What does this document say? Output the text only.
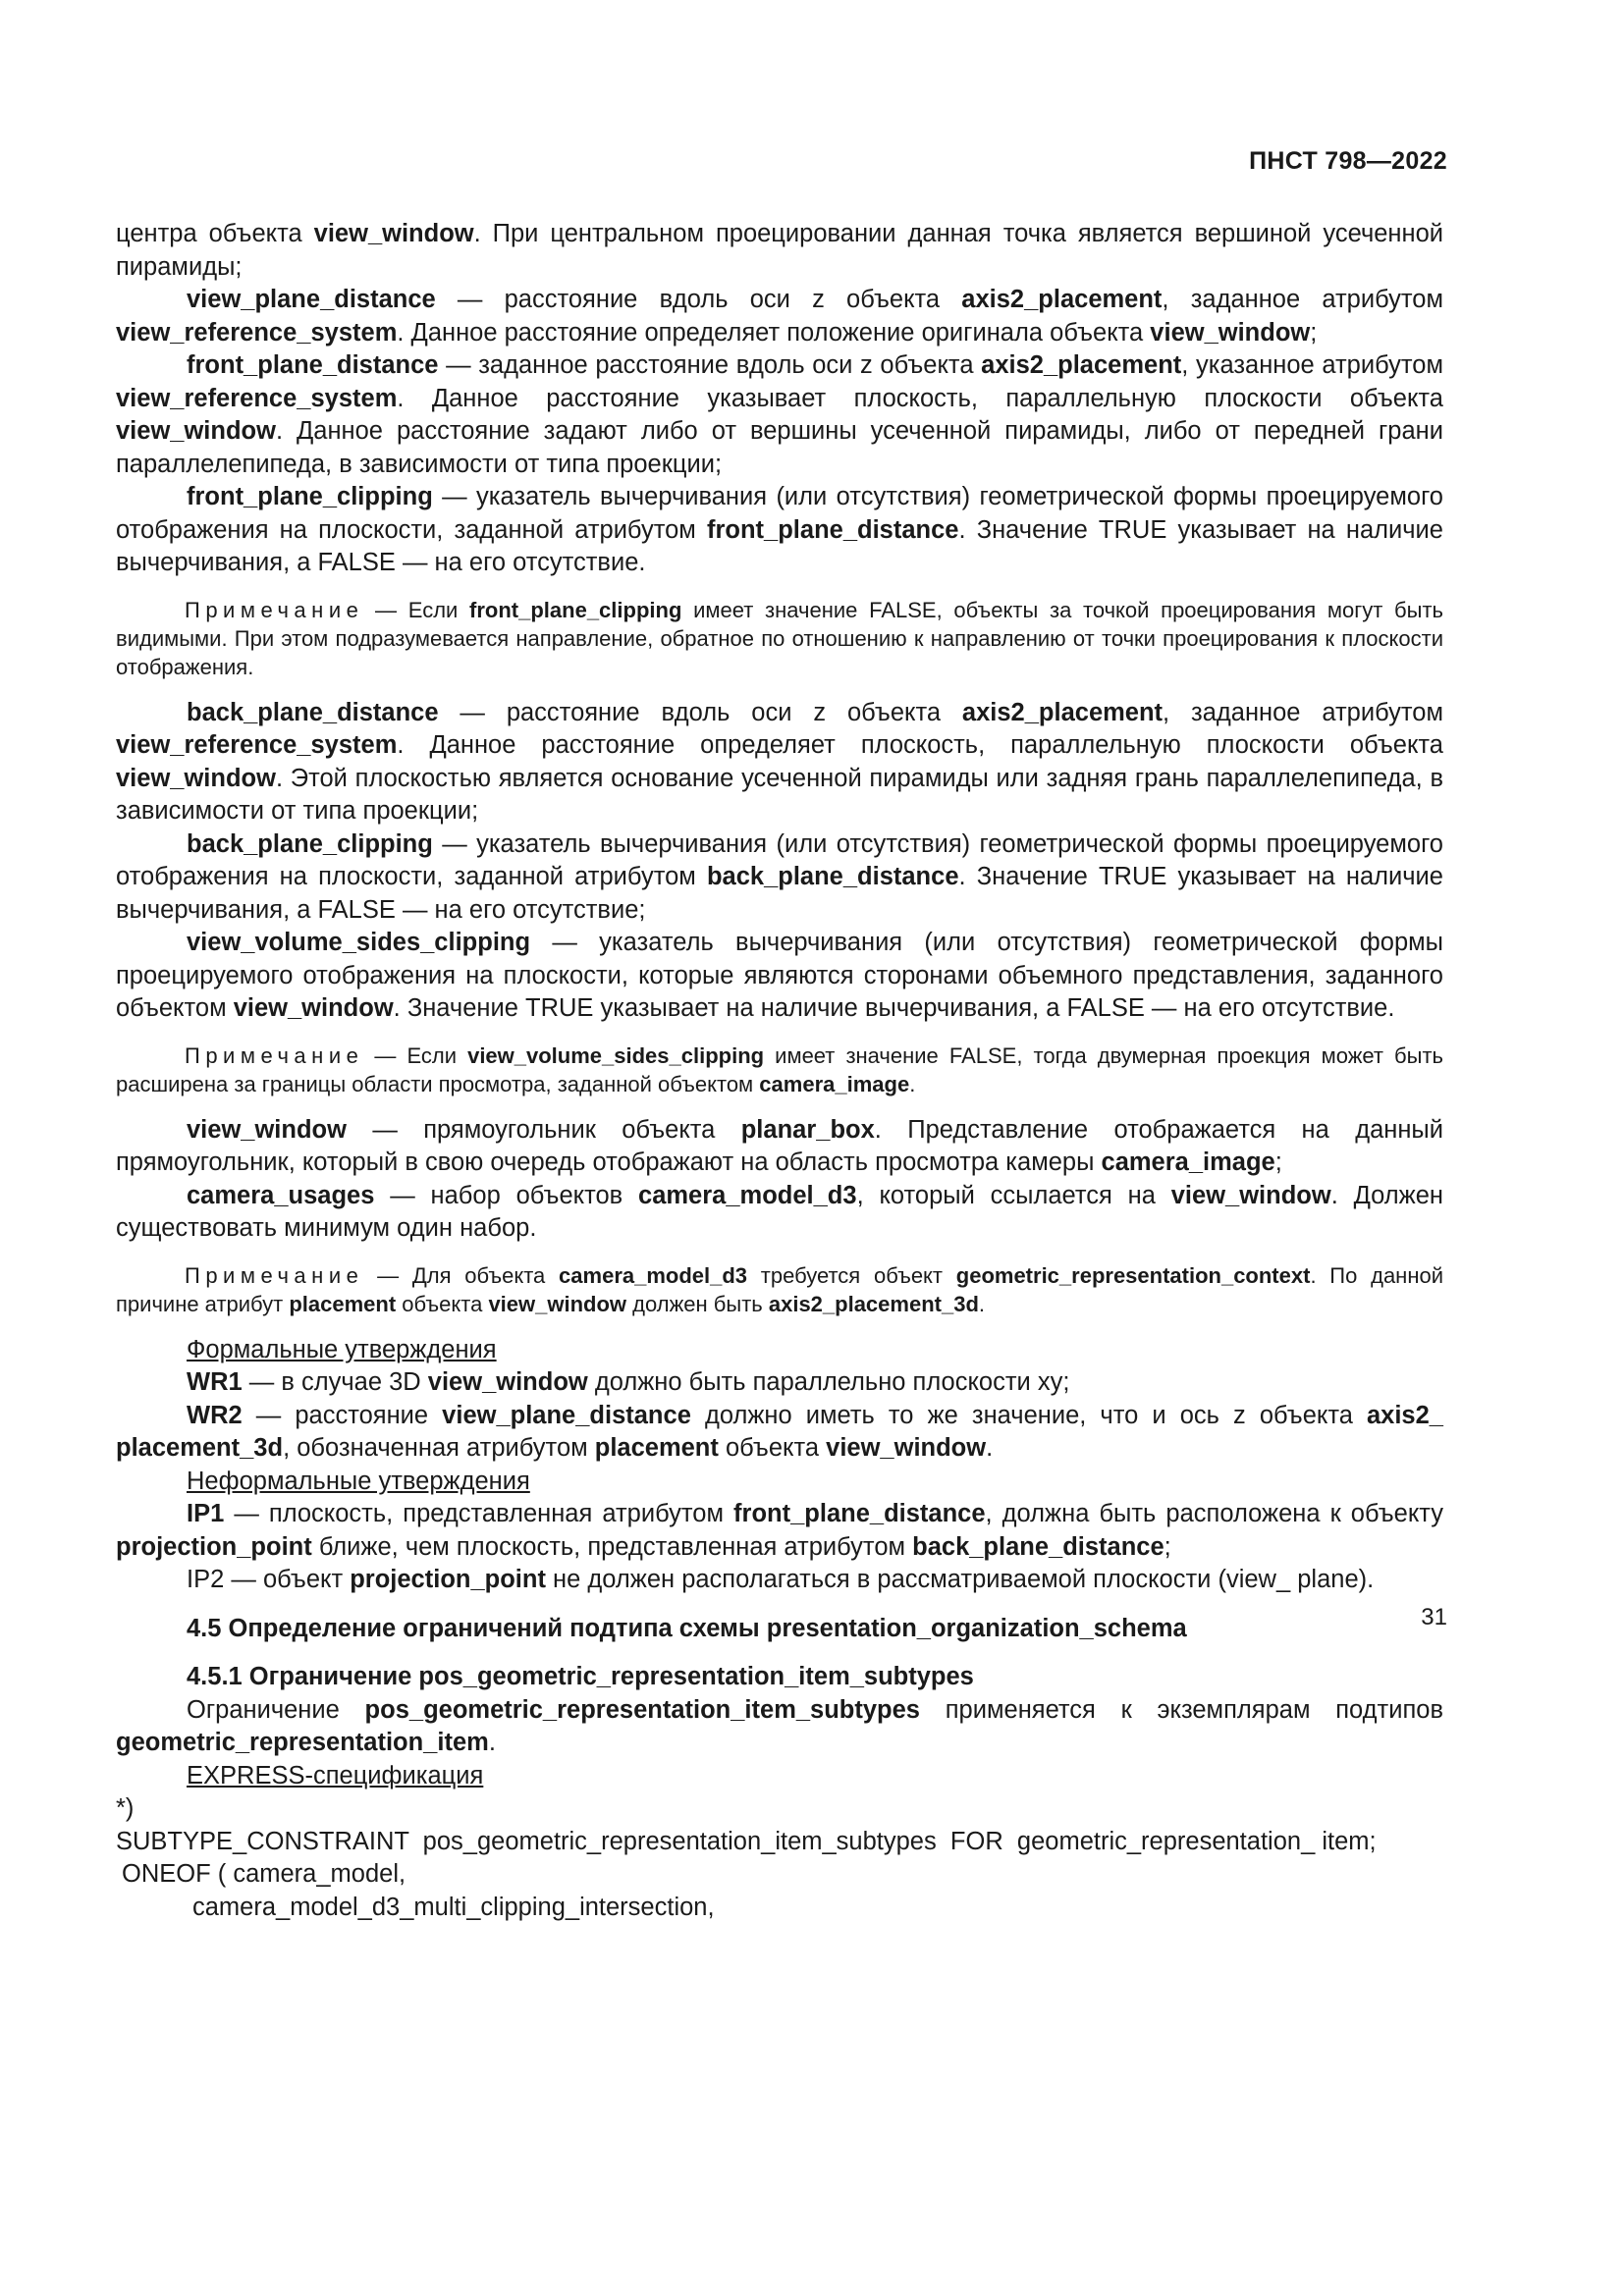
ПНСТ 798—2022

центра объекта view_window. При центральном проецировании данная точка является вершиной усеченной пирамиды;

view_plane_distance — расстояние вдоль оси z объекта axis2_placement, заданное атрибутом view_reference_system. Данное расстояние определяет положение оригинала объекта view_window;

front_plane_distance — заданное расстояние вдоль оси z объекта axis2_placement, указанное атрибутом view_reference_system. Данное расстояние указывает плоскость, параллельную плоскости объекта view_window. Данное расстояние задают либо от вершины усеченной пирамиды, либо от передней грани параллелепипеда, в зависимости от типа проекции;

front_plane_clipping — указатель вычерчивания (или отсутствия) геометрической формы проецируемого отображения на плоскости, заданной атрибутом front_plane_distance. Значение TRUE указывает на наличие вычерчивания, а FALSE — на его отсутствие.

Примечание — Если front_plane_clipping имеет значение FALSE, объекты за точкой проецирования могут быть видимыми. При этом подразумевается направление, обратное по отношению к направлению от точки проецирования к плоскости отображения.

back_plane_distance — расстояние вдоль оси z объекта axis2_placement, заданное атрибутом view_reference_system. Данное расстояние определяет плоскость, параллельную плоскости объекта view_window. Этой плоскостью является основание усеченной пирамиды или задняя грань параллелепипеда, в зависимости от типа проекции;

back_plane_clipping — указатель вычерчивания (или отсутствия) геометрической формы проецируемого отображения на плоскости, заданной атрибутом back_plane_distance. Значение TRUE указывает на наличие вычерчивания, а FALSE — на его отсутствие;

view_volume_sides_clipping — указатель вычерчивания (или отсутствия) геометрической формы проецируемого отображения на плоскости, которые являются сторонами объемного представления, заданного объектом view_window. Значение TRUE указывает на наличие вычерчивания, а FALSE — на его отсутствие.

Примечание — Если view_volume_sides_clipping имеет значение FALSE, тогда двумерная проекция может быть расширена за границы области просмотра, заданной объектом camera_image.

view_window — прямоугольник объекта planar_box. Представление отображается на данный прямоугольник, который в свою очередь отображают на область просмотра камеры camera_image;

camera_usages — набор объектов camera_model_d3, который ссылается на view_window. Должен существовать минимум один набор.

Примечание — Для объекта camera_model_d3 требуется объект geometric_representation_context. По данной причине атрибут placement объекта view_window должен быть axis2_placement_3d.

Формальные утверждения

WR1 — в случае 3D view_window должно быть параллельно плоскости xy;

WR2 — расстояние view_plane_distance должно иметь то же значение, что и ось z объекта axis2_ placement_3d, обозначенная атрибутом placement объекта view_window.

Неформальные утверждения

IP1 — плоскость, представленная атрибутом front_plane_distance, должна быть расположена к объекту projection_point ближе, чем плоскость, представленная атрибутом back_plane_distance;

IP2 — объект projection_point не должен располагаться в рассматриваемой плоскости (view_ plane).

4.5 Определение ограничений подтипа схемы presentation_organization_schema

4.5.1 Ограничение pos_geometric_representation_item_subtypes

Ограничение pos_geometric_representation_item_subtypes применяется к экземплярам подтипов geometric_representation_item.

EXPRESS-спецификация

*)

SUBTYPE_CONSTRAINT  pos_geometric_representation_item_subtypes  FOR  geometric_representation_ item;

ONEOF ( camera_model,

camera_model_d3_multi_clipping_intersection,

31
